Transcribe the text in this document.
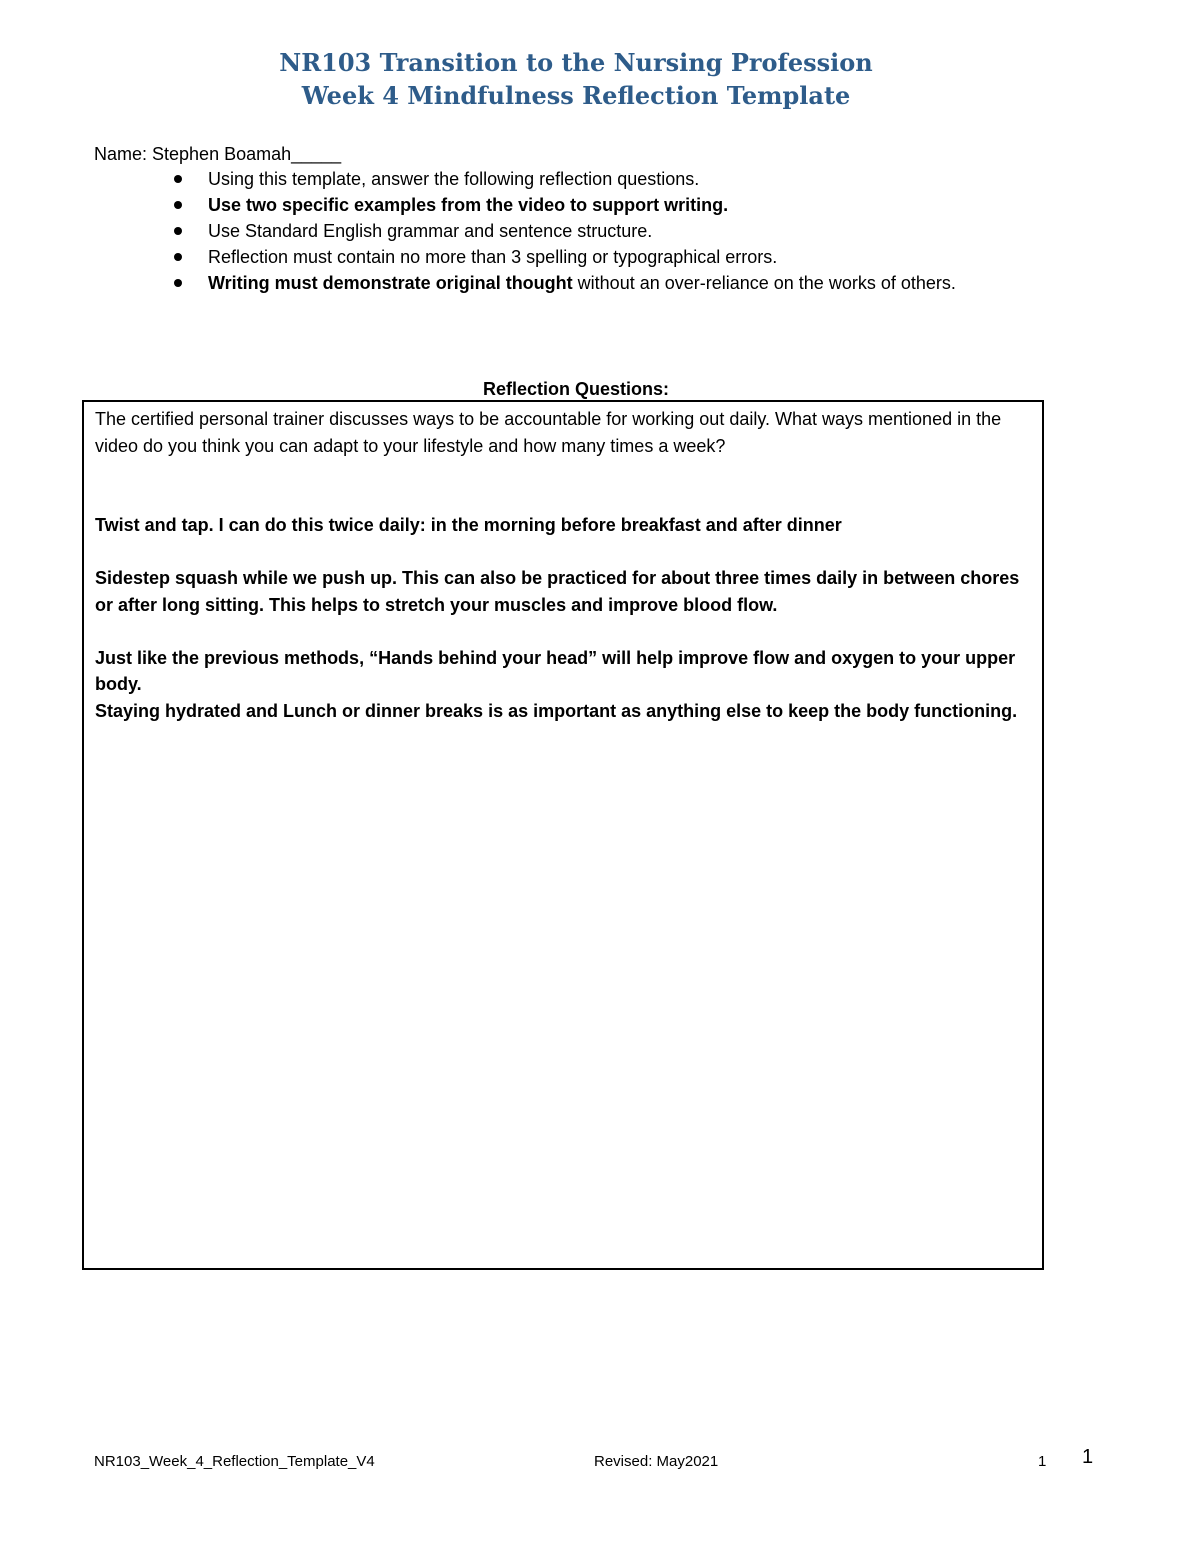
NR103 Transition to the Nursing Profession
Week 4 Mindfulness Reflection Template
Name: Stephen Boamah_____
Using this template, answer the following reflection questions.
Use two specific examples from the video to support writing.
Use Standard English grammar and sentence structure.
Reflection must contain no more than 3 spelling or typographical errors.
Writing must demonstrate original thought without an over-reliance on the works of others.
Reflection Questions:

The certified personal trainer discusses ways to be accountable for working out daily. What ways mentioned in the video do you think you can adapt to your lifestyle and how many times a week?

Twist and tap. I can do this twice daily: in the morning before breakfast and after dinner

Sidestep squash while we push up. This can also be practiced for about three times daily in between chores or after long sitting. This helps to stretch your muscles and improve blood flow.

Just like the previous methods, “Hands behind your head” will help improve flow and oxygen to your upper body.

Staying hydrated and Lunch or dinner breaks is as important as anything else to keep the body functioning.

NR103_Week_4_Reflection_Template_V4	Revised: May2021	1 1
